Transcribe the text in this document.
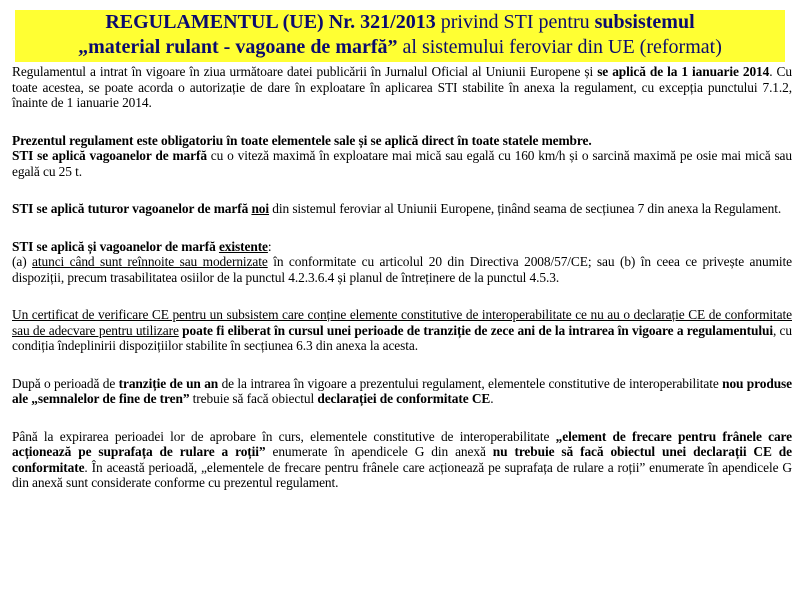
REGULAMENTUL (UE) Nr. 321/2013 privind STI pentru subsistemul
„material rulant - vagoane de marfă” al sistemului feroviar din UE (reformat)

Regulamentul a intrat în vigoare în ziua următoare datei publicării în Jurnalul Oficial al Uniunii Europene și se aplică de la 1 ianuarie 2014. Cu toate acestea, se poate acorda o autorizație de dare în exploatare în aplicarea STI stabilite în anexa la regulament, cu excepția punctului 7.1.2, înainte de 1 ianuarie 2014.

Prezentul regulament este obligatoriu în toate elementele sale și se aplică direct în toate statele membre.

STI se aplică vagoanelor de marfă cu o viteză maximă în exploatare mai mică sau egală cu 160 km/h și o sarcină maximă pe osie mai mică sau egală cu 25 t.

STI se aplică tuturor vagoanelor de marfă noi din sistemul feroviar al Uniunii Europene, ținând seama de secțiunea 7 din anexa la Regulament.

STI se aplică și vagoanelor de marfă existente:

(a) atunci când sunt reînnoite sau modernizate în conformitate cu articolul 20 din Directiva 2008/57/CE; sau (b) în ceea ce privește anumite dispoziții, precum trasabilitatea osiilor de la punctul 4.2.3.6.4 și planul de întreținere de la punctul 4.5.3.

Un certificat de verificare CE pentru un subsistem care conține elemente constitutive de interoperabilitate ce nu au o declarație CE de conformitate sau de adecvare pentru utilizare poate fi eliberat în cursul unei perioade de tranziție de zece ani de la intrarea în vigoare a regulamentului, cu condiția îndeplinirii dispozițiilor stabilite în secțiunea 6.3 din anexa la acesta.

După o perioadă de tranziție de un an de la intrarea în vigoare a prezentului regulament, elementele constitutive de interoperabilitate nou produse ale „semnalelor de fine de tren” trebuie să facă obiectul declarației de conformitate CE.

Până la expirarea perioadei lor de aprobare în curs, elementele constitutive de interoperabilitate „element de frecare pentru frânele care acționează pe suprafața de rulare a roții” enumerate în apendicele G din anexă nu trebuie să facă obiectul unei declarații CE de conformitate. În această perioadă, „elementele de frecare pentru frânele care acționează pe suprafața de rulare a roții” enumerate în apendicele G din anexă sunt considerate conforme cu prezentul regulament.
